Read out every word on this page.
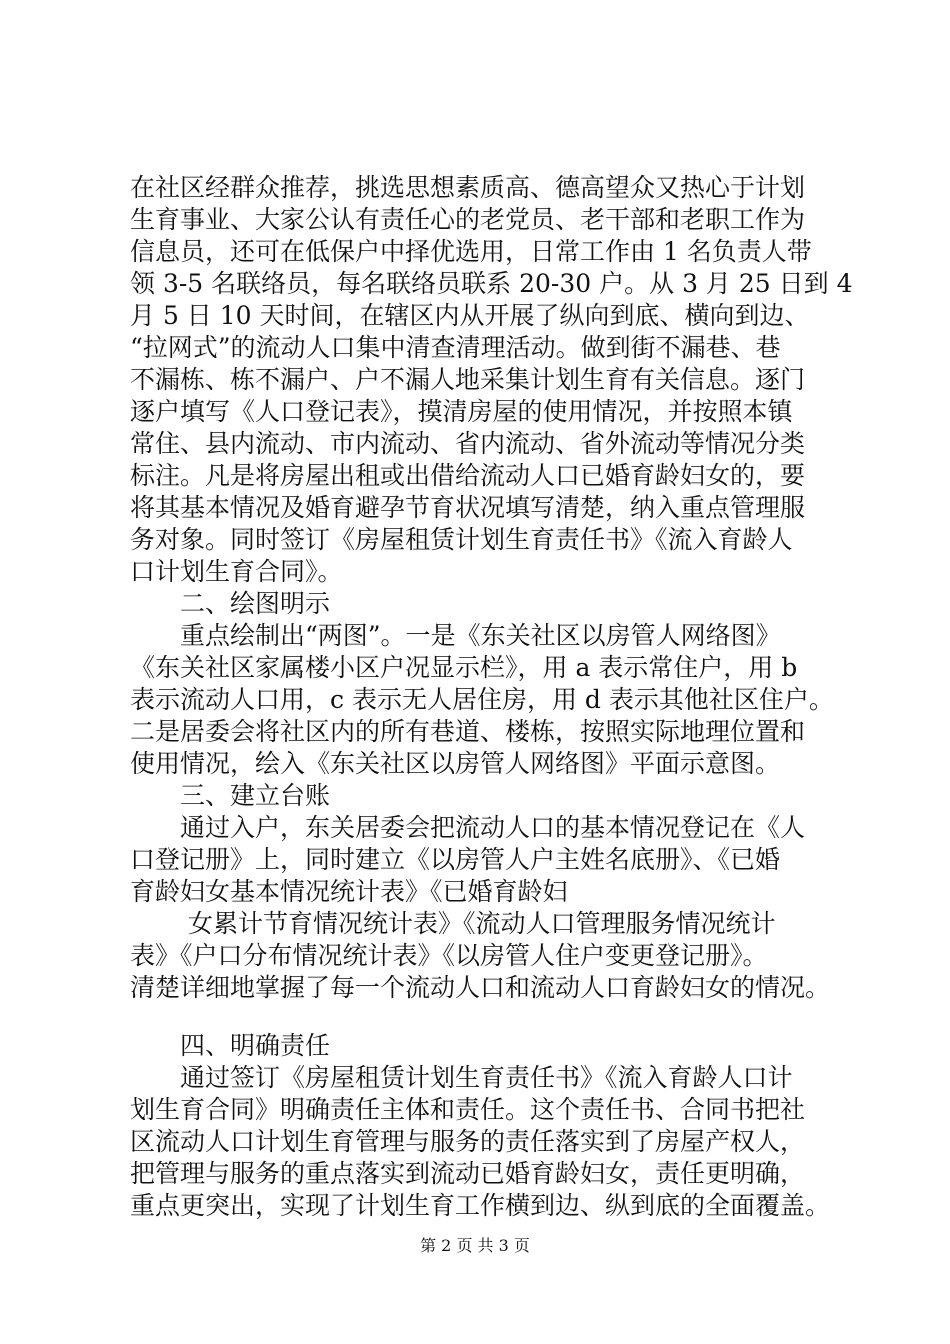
在社区经群众推荐，挑选思想素质高、德高望众又热心于计划
生育事业、大家公认有责任心的老党员、老干部和老职工作为
信息员，还可在低保户中择优选用，日常工作由 1 名负责人带
领 3-5 名联络员，每名联络员联系 20-30 户。从 3 月 25 日到 4
月 5 日 10 天时间，在辖区内从开展了纵向到底、横向到边、
“拉网式”的流动人口集中清查清理活动。做到街不漏巷、巷
不漏栋、栋不漏户、户不漏人地采集计划生育有关信息。逐门
逐户填写《人口登记表》，摸清房屋的使用情况，并按照本镇
常住、县内流动、市内流动、省内流动、省外流动等情况分类
标注。凡是将房屋出租或出借给流动人口已婚育龄妇女的，要
将其基本情况及婚育避孕节育状况填写清楚，纳入重点管理服
务对象。同时签订《房屋租赁计划生育责任书》《流入育龄人
口计划生育合同》。
　　二、绘图明示
　　重点绘制出“两图”。一是《东关社区以房管人网络图》
《东关社区家属楼小区户况显示栏》，用 a 表示常住户，用 b
表示流动人口用，c 表示无人居住房，用 d 表示其他社区住户。
二是居委会将社区内的所有巷道、楼栋，按照实际地理位置和
使用情况，绘入《东关社区以房管人网络图》平面示意图。
　　三、建立台账
　　通过入户，东关居委会把流动人口的基本情况登记在《人
口登记册》上，同时建立《以房管人户主姓名底册》、《已婚
育龄妇女基本情况统计表》《已婚育龄妇
　　 女累计节育情况统计表》《流动人口管理服务情况统计
表》《户口分布情况统计表》《以房管人住户变更登记册》。
清楚详细地掌握了每一个流动人口和流动人口育龄妇女的情况。
　　四、明确责任
　　通过签订《房屋租赁计划生育责任书》《流入育龄人口计
划生育合同》明确责任主体和责任。这个责任书、合同书把社
区流动人口计划生育管理与服务的责任落实到了房屋产权人，
把管理与服务的重点落实到流动已婚育龄妇女，责任更明确，
重点更突出，实现了计划生育工作横到边、纵到底的全面覆盖。
第 2 页 共 3 页
